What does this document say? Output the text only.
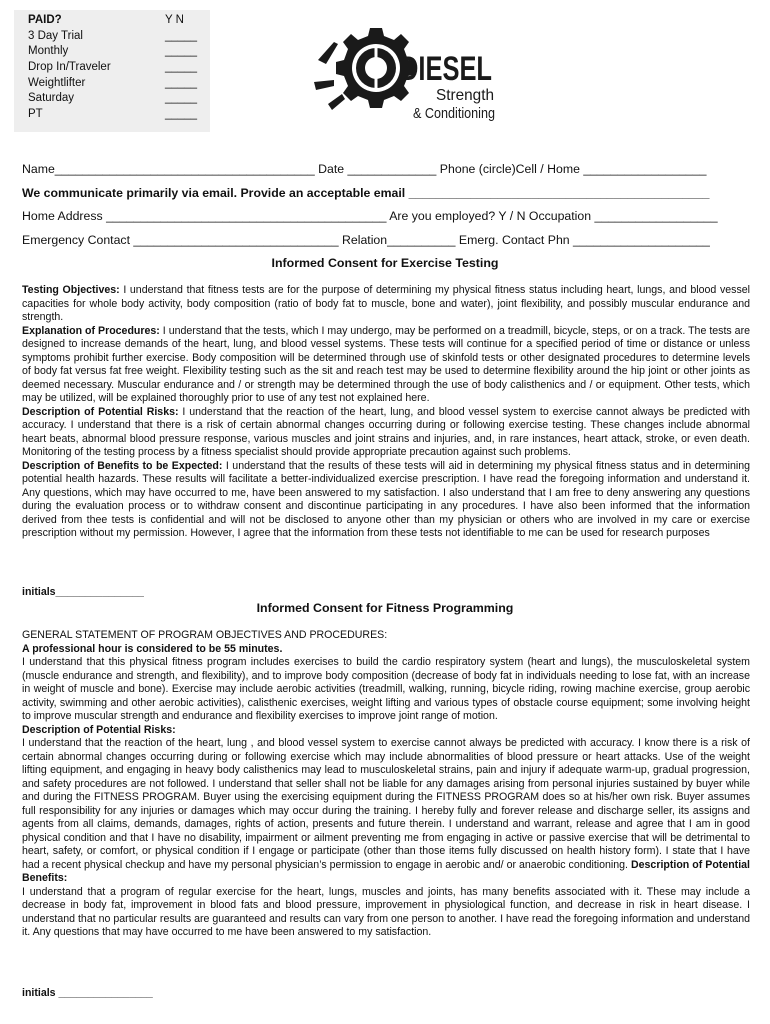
PAID?	Y N
3 Day Trial	_____
Monthly	_____
Drop In/Traveler	_____
Weightlifter	_____
Saturday	_____
PT	_____
DIESEL
Strength
& Conditioning
Name______________________________________ Date _____________ Phone (circle)Cell / Home __________________
We communicate primarily via email. Provide an acceptable email ____________________________________________
Home Address _________________________________________ Are you employed? Y / N Occupation __________________
Emergency Contact ______________________________ Relation__________ Emerg. Contact Phn ____________________
Informed Consent for Exercise Testing

Testing Objectives: I understand that fitness tests are for the purpose of determining my physical fitness status including heart, lungs, and blood vessel capacities for whole body activity, body composition (ratio of body fat to muscle, bone and water), joint flexibility, and possibly muscular endurance and strength.

Explanation of Procedures: I understand that the tests, which I may undergo, may be performed on a treadmill, bicycle, steps, or on a track. The tests are designed to increase demands of the heart, lung, and blood vessel systems. These tests will continue for a specified period of time or distance or unless symptoms prohibit further exercise. Body composition will be determined through use of skinfold tests or other designated procedures to determine levels of body fat versus fat free weight. Flexibility testing such as the sit and reach test may be used to determine flexibility around the hip joint or other joints as deemed necessary. Muscular endurance and / or strength may be determined through the use of body calisthenics and / or equipment. Other tests, which may be utilized, will be explained thoroughly prior to use of any test not explained here.

Description of Potential Risks: I understand that the reaction of the heart, lung, and blood vessel system to exercise cannot always be predicted with accuracy. I understand that there is a risk of certain abnormal changes occurring during or following exercise testing. These changes include abnormal heart beats, abnormal blood pressure response, various muscles and joint strains and injuries, and, in rare instances, heart attack, stroke, or even death. Monitoring of the testing process by a fitness specialist should provide appropriate precaution against such problems.

Description of Benefits to be Expected: I understand that the results of these tests will aid in determining my physical fitness status and in determining potential health hazards. These results will facilitate a better-individualized exercise prescription. I have read the foregoing information and understand it. Any questions, which may have occurred to me, have been answered to my satisfaction. I also understand that I am free to deny answering any questions during the evaluation process or to withdraw consent and discontinue participating in any procedures. I have also been informed that the information derived from thee tests is confidential and will not be disclosed to anyone other than my physician or others who are involved in my care or exercise prescription without my permission. However, I agree that the information from these tests not identifiable to me can be used for research purposes

initials_______________
Informed Consent for Fitness Programming

GENERAL STATEMENT OF PROGRAM OBJECTIVES AND PROCEDURES:

A professional hour is considered to be 55 minutes.

I understand that this physical fitness program includes exercises to build the cardio respiratory system (heart and lungs), the musculoskeletal system (muscle endurance and strength, and flexibility), and to improve body composition (decrease of body fat in individuals needing to lose fat, with an increase in weight of muscle and bone). Exercise may include aerobic activities (treadmill, walking, running, bicycle riding, rowing machine exercise, group aerobic activity, swimming and other aerobic activities), calisthenic exercises, weight lifting and various types of obstacle course equipment; some involving height to improve muscular strength and endurance and flexibility exercises to improve joint range of motion.

Description of Potential Risks:

I understand that the reaction of the heart, lung , and blood vessel system to exercise cannot always be predicted with accuracy. I know there is a risk of certain abnormal changes occurring during or following exercise which may include abnormalities of blood pressure or heart attacks. Use of the weight lifting equipment, and engaging in heavy body calisthenics may lead to musculoskeletal strains, pain and injury if adequate warm-up, gradual progression, and safety procedures are not followed. I understand that seller shall not be liable for any damages arising from personal injuries sustained by buyer while and during the FITNESS PROGRAM. Buyer using the exercising equipment during the FITNESS PROGRAM does so at his/her own risk. Buyer assumes full responsibility for any injuries or damages which may occur during the training. I hereby fully and forever release and discharge seller, its assigns and agents from all claims, demands, damages, rights of action, presents and future therein. I understand and warrant, release and agree that I am in good physical condition and that I have no disability, impairment or ailment preventing me from engaging in active or passive exercise that will be detrimental to heart, safety, or comfort, or physical condition if I engage or participate (other than those items fully discussed on health history form). I state that I have had a recent physical checkup and have my personal physician’s permission to engage in aerobic and/ or anaerobic conditioning. Description of Potential Benefits:

I understand that a program of regular exercise for the heart, lungs, muscles and joints, has many benefits associated with it. These may include a decrease in body fat, improvement in blood fats and blood pressure, improvement in physiological function, and decrease in risk in heart disease. I understand that no particular results are guaranteed and results can vary from one person to another. I have read the foregoing information and understand it. Any questions that may have occurred to me have been answered to my satisfaction.

initials ________________
